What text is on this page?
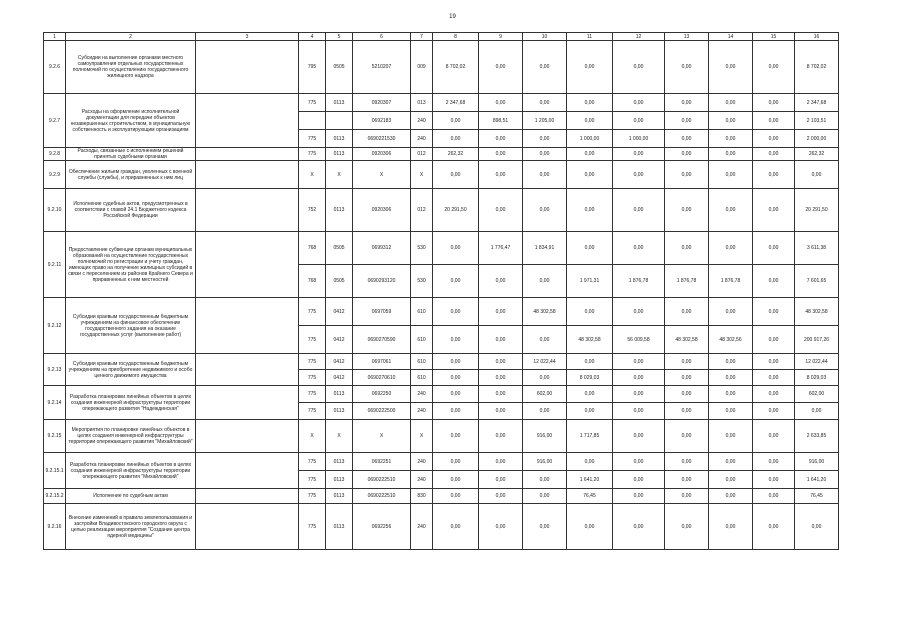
19
1	2	3	4	5	6	7	8	9	10	11	12	13	14	15	16
9.2.6	Субсидии на выполнение органами местного самоуправления отдельных государственных полномочий по осуществлению государственного жилищного надзора		795	0505	5210207	009	8 702,02	0,00	0,00	0,00	0,00	0,00	0,00	0,00	8 702,02
9.2.7	Расходы на оформление исполнительной документации для передачи объектов незавершенных строительством, в муниципальную собственность и эксплуатирующим организациям		775	0113	0920307	013	2 347,68	0,00	0,00	0,00	0,00	0,00	0,00	0,00	2 347,68
					0692183	240	0,00	898,51	1 205,00	0,00	0,00	0,00	0,00	0,00	2 103,51
			775	0113	0690221530	240	0,00	0,00	0,00	1 000,00	1 000,00	0,00	0,00	0,00	2 000,00
9.2.8	Расходы, связанные с исполнением решений принятых судебными органами		775	0113	0920306	012	262,32	0,00	0,00	0,00	0,00	0,00	0,00	0,00	262,32
9.2.9	Обеспечение жильем граждан, уволенных с военной службы (службы), и приравненных к ним лиц		X	X	X	X	0,00	0,00	0,00	0,00	0,00	0,00	0,00	0,00	0,00
9.2.10	Исполнение судебных актов, предусмотренных в соответствии с главой 24.1 Бюджетного кодекса Российской Федерации		752	0113	0920306	012	20 291,50	0,00	0,00	0,00	0,00	0,00	0,00	0,00	20 291,50
9.2.11	Предоставление субвенции органам муниципальных образований на осуществление государственных полномочий по регистрации и учету граждан, имеющих право на получение жилищных субсидий в связи с переселением из районов Крайнего Севера и приравненных к ним местностей		768	0505	0699312	530	0,00	1 776,47	1 834,91	0,00	0,00	0,00	0,00	0,00	3 611,38
			768	0505	0690293120	530	0,00	0,00	0,00	1 971,31	1 876,78	1 876,78	1 876,78	0,00	7 601,65
9.2.12	Субсидии краевым государственным бюджетным учреждениям на финансовое обеспечение государственного задания на оказание государственных услуг (выполнение работ)		775	0412	0697059	610	0,00	0,00	48 302,58	0,00	0,00	0,00	0,00	0,00	48 302,58
			775	0412	0690270590	610	0,00	0,00	0,00	48 302,58	56 009,58	48 302,58	48 302,56	0,00	200 917,26
9.2.13	Субсидии краевым государственным бюджетным учреждениям на приобретение недвижимого и особо ценного движимого имущества		775	0412	0697061	610	0,00	0,00	12 022,44	0,00	0,00	0,00	0,00	0,00	12 022,44
			775	0412	0690270610	610	0,00	0,00	0,00	8 029,03	0,00	0,00	0,00	0,00	8 029,03
9.2.14	Разработка планировки линейных объектов в целях создания инженерной инфраструктуры территории опережающего развития "Надеждинская"		775	0113	0692250	240	0,00	0,00	602,00	0,00	0,00	0,00	0,00	0,00	602,00
			775	0113	0690222500	240	0,00	0,00	0,00	0,00	0,00	0,00	0,00	0,00	0,00
9.2.15	Мероприятия по планировке линейных объектов в целях создания инженерной инфраструктуры территории опережающего развития "Михайловский"		X	X	X	X	0,00	0,00	916,00	1 717,85	0,00	0,00	0,00	0,00	2 633,85
9.2.15.1	Разработка планировки линейных объектов в целях создания инженерной инфраструктуры территории опережающего развития "Михайловский"		775	0113	0692251	240	0,00	0,00	916,00	0,00	0,00	0,00	0,00	0,00	916,00
			775	0113	0690222510	240	0,00	0,00	0,00	1 641,20	0,00	0,00	0,00	0,00	1 641,20
9.2.15.2	Исполнение по судебным актам		775	0113	0690222510	830	0,00	0,00	0,00	76,45	0,00	0,00	0,00	0,00	76,45
9.2.16	Внесение изменений в правила землепользования и застройки Владивостокского городского округа с целью реализации мероприятия "Создание центра ядерной медицины"		775	0113	0692256	240	0,00	0,00	0,00	0,00	0,00	0,00	0,00	0,00	0,00
